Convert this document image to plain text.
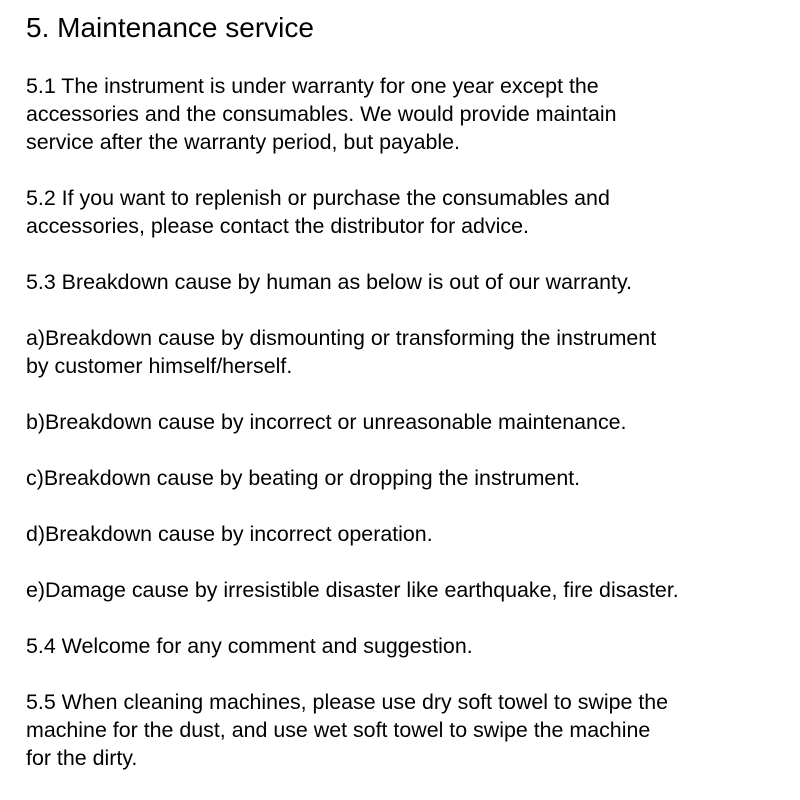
5. Maintenance service

5.1 The instrument is under warranty for one year except the
accessories and the consumables. We would provide maintain
service after the warranty period, but payable.

5.2 If you want to replenish or purchase the consumables and
accessories, please contact the distributor for advice.

5.3 Breakdown cause by human as below is out of our warranty.

a)Breakdown cause by dismounting or transforming the instrument
by customer himself/herself.

b)Breakdown cause by incorrect or unreasonable maintenance.

c)Breakdown cause by beating or dropping the instrument.

d)Breakdown cause by incorrect operation.

e)Damage cause by irresistible disaster like earthquake, fire disaster.

5.4 Welcome for any comment and suggestion.

5.5 When cleaning machines, please use dry soft towel to swipe the
machine for the dust, and use wet soft towel to swipe the machine
for the dirty.
